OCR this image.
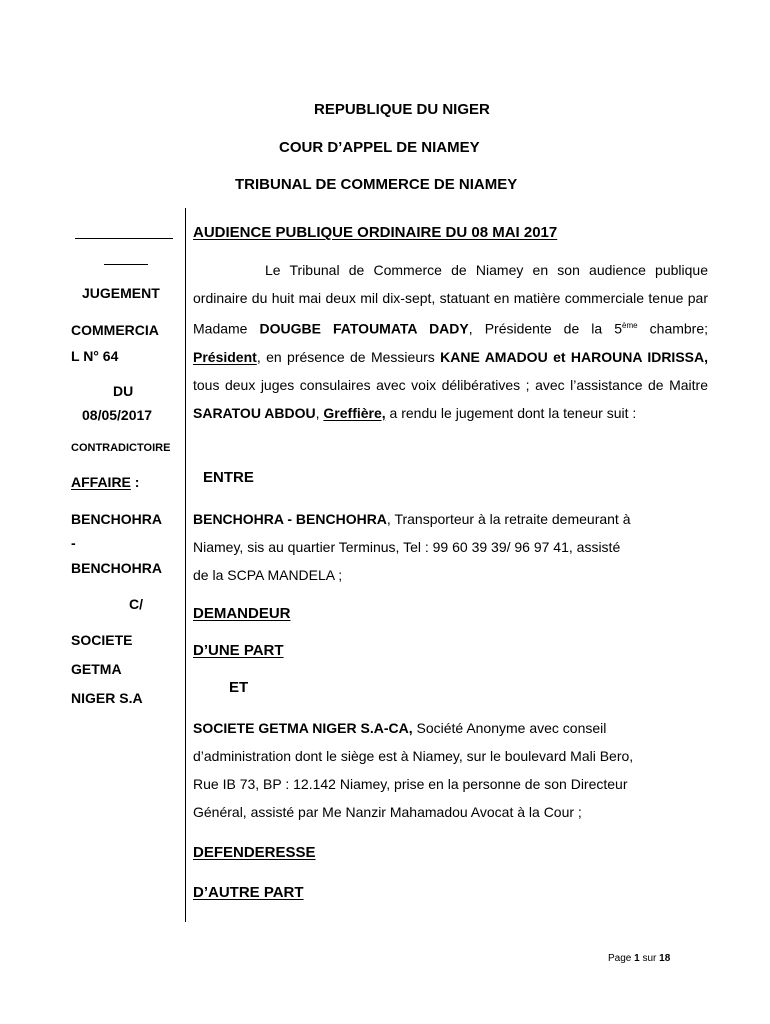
REPUBLIQUE DU NIGER
COUR D’APPEL DE NIAMEY
TRIBUNAL DE COMMERCE DE NIAMEY
JUGEMENT
COMMERCIA
L N° 64
DU
08/05/2017
CONTRADICTOIRE
AFFAIRE :
BENCHOHRA
-
BENCHOHRA
C/
SOCIETE
GETMA
NIGER S.A
AUDIENCE PUBLIQUE ORDINAIRE DU 08 MAI 2017
Le Tribunal de Commerce de Niamey en son audience publique ordinaire du huit mai deux mil dix-sept, statuant en matière commerciale tenue par Madame DOUGBE FATOUMATA DADY, Présidente de la 5ème chambre; Président, en présence de Messieurs KANE AMADOU et HAROUNA IDRISSA, tous deux juges consulaires avec voix délibératives ; avec l’assistance de Maitre SARATOU ABDOU, Greffière, a rendu le jugement dont la teneur suit :
ENTRE
BENCHOHRA - BENCHOHRA, Transporteur à la retraite demeurant à
Niamey, sis au quartier Terminus, Tel : 99 60 39 39/ 96 97 41, assisté
de la SCPA MANDELA ;
DEMANDEUR
D’UNE PART
ET
SOCIETE GETMA NIGER S.A-CA, Société Anonyme avec conseil
d’administration dont le siège est à Niamey, sur le boulevard Mali Bero,
Rue IB 73, BP : 12.142 Niamey, prise en la personne de son Directeur
Général, assisté par Me Nanzir Mahamadou Avocat à la Cour ;
DEFENDERESSE
D’AUTRE PART
Page 1 sur 18
